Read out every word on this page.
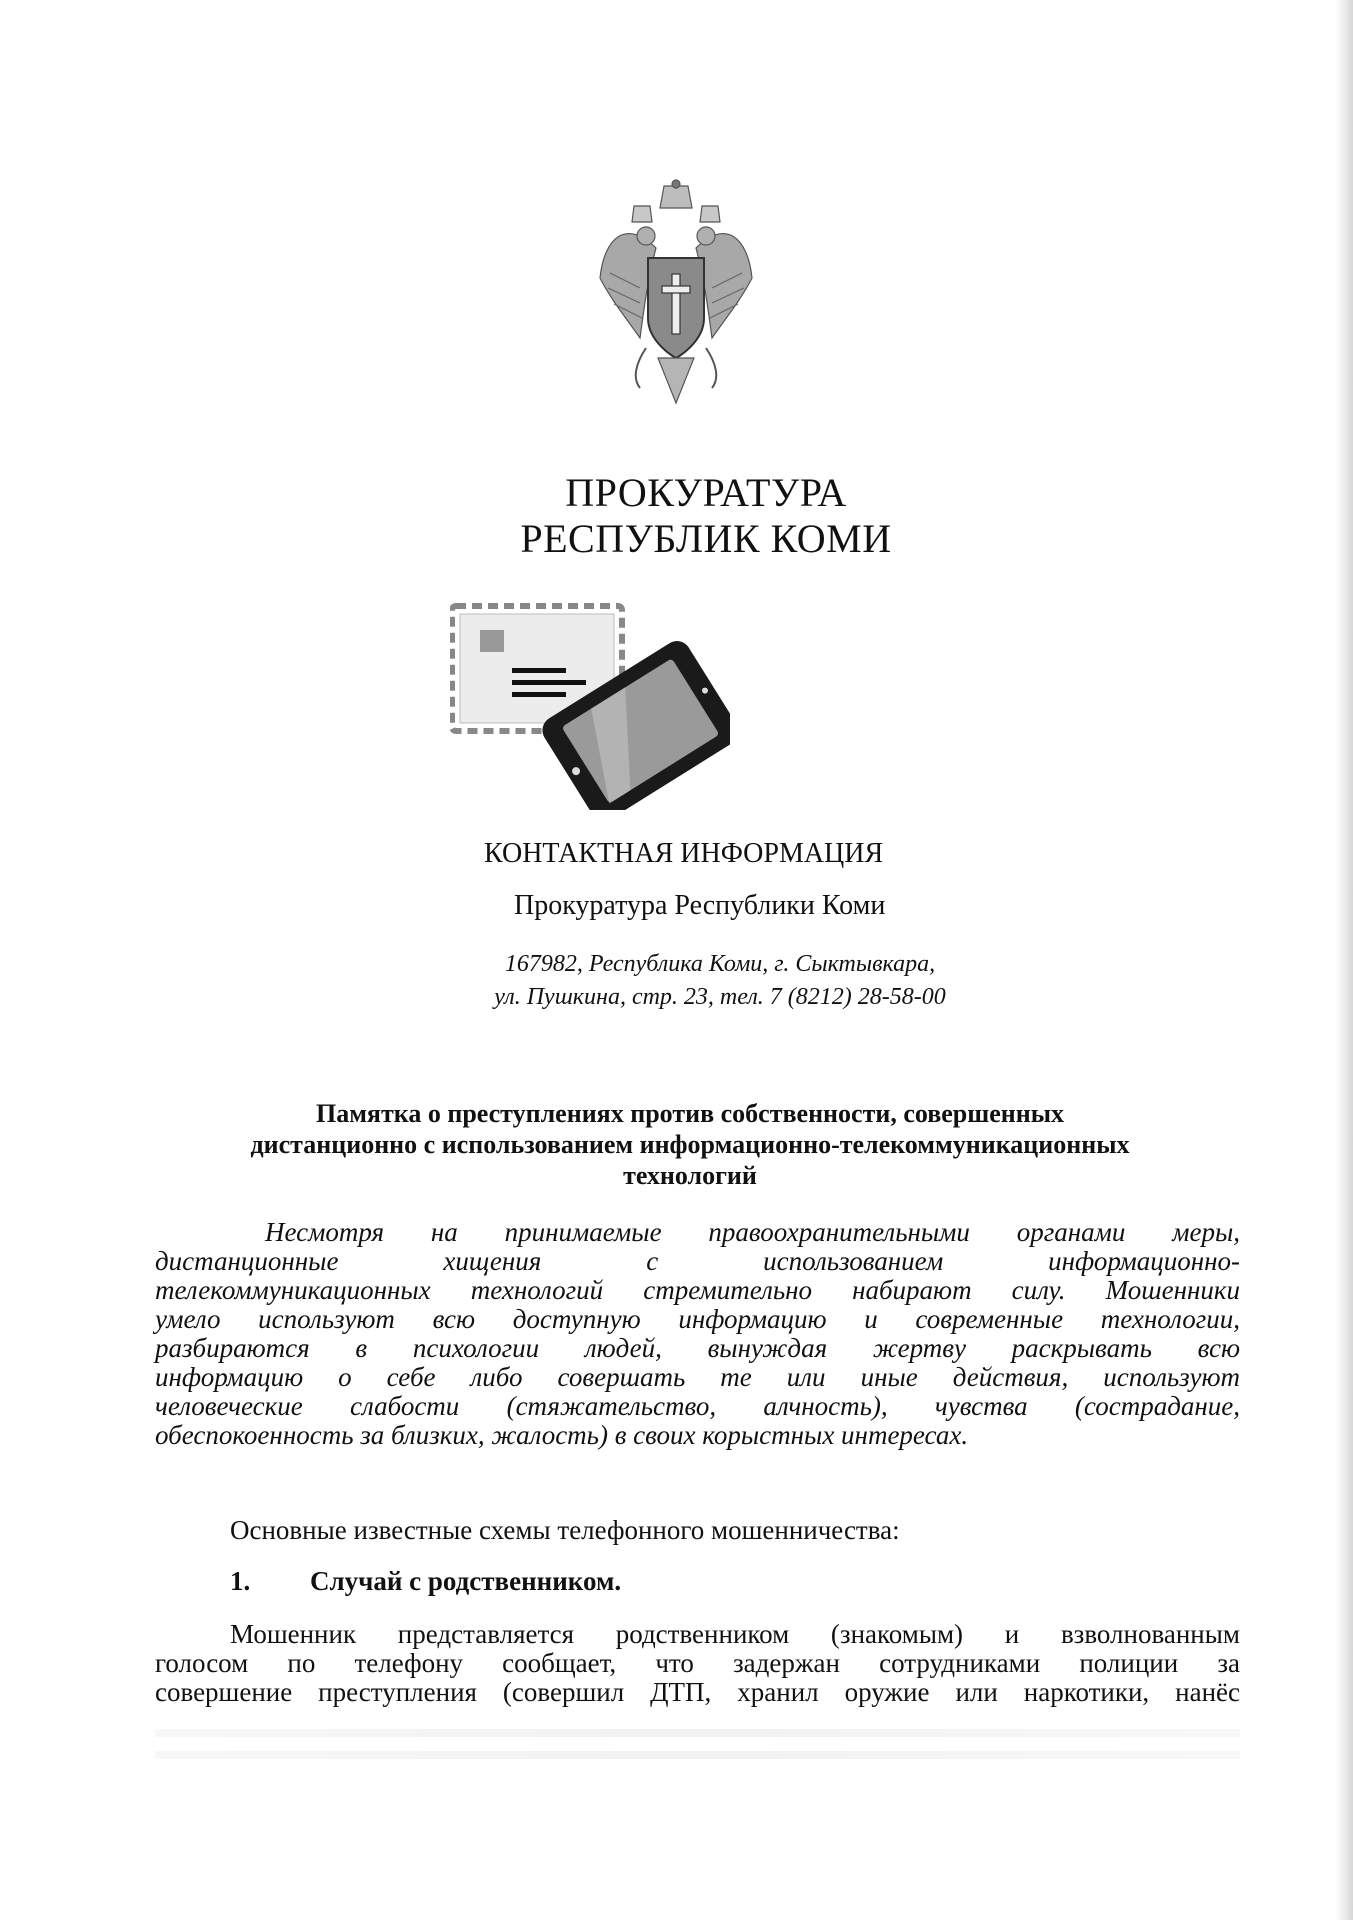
ПРОКУРАТУРА
РЕСПУБЛИК КОМИ
КОНТАКТНАЯ ИНФОРМАЦИЯ
Прокуратура Республики Коми
167982, Республика Коми, г. Сыктывкара,
ул. Пушкина, стр. 23, тел. 7 (8212) 28-58-00
Памятка о преступлениях против собственности, совершенных
дистанционно с использованием информационно-телекоммуникационных
технологий
Несмотря на принимаемые правоохранительными органами меры,
дистанционные хищения с использованием информационно-
телекоммуникационных технологий стремительно набирают силу. Мошенники
умело используют всю доступную информацию и современные технологии,
разбираются в психологии людей, вынуждая жертву раскрывать всю
информацию о себе либо совершать те или иные действия, используют
человеческие слабости (стяжательство, алчность), чувства (сострадание,
обеспокоенность за близких, жалость) в своих корыстных интересах.
Основные известные схемы телефонного мошенничества:
1. Случай с родственником.
Мошенник представляется родственником (знакомым) и взволнованным
голосом по телефону сообщает, что задержан сотрудниками полиции за
совершение преступления (совершил ДТП, хранил оружие или наркотики, нанёс
